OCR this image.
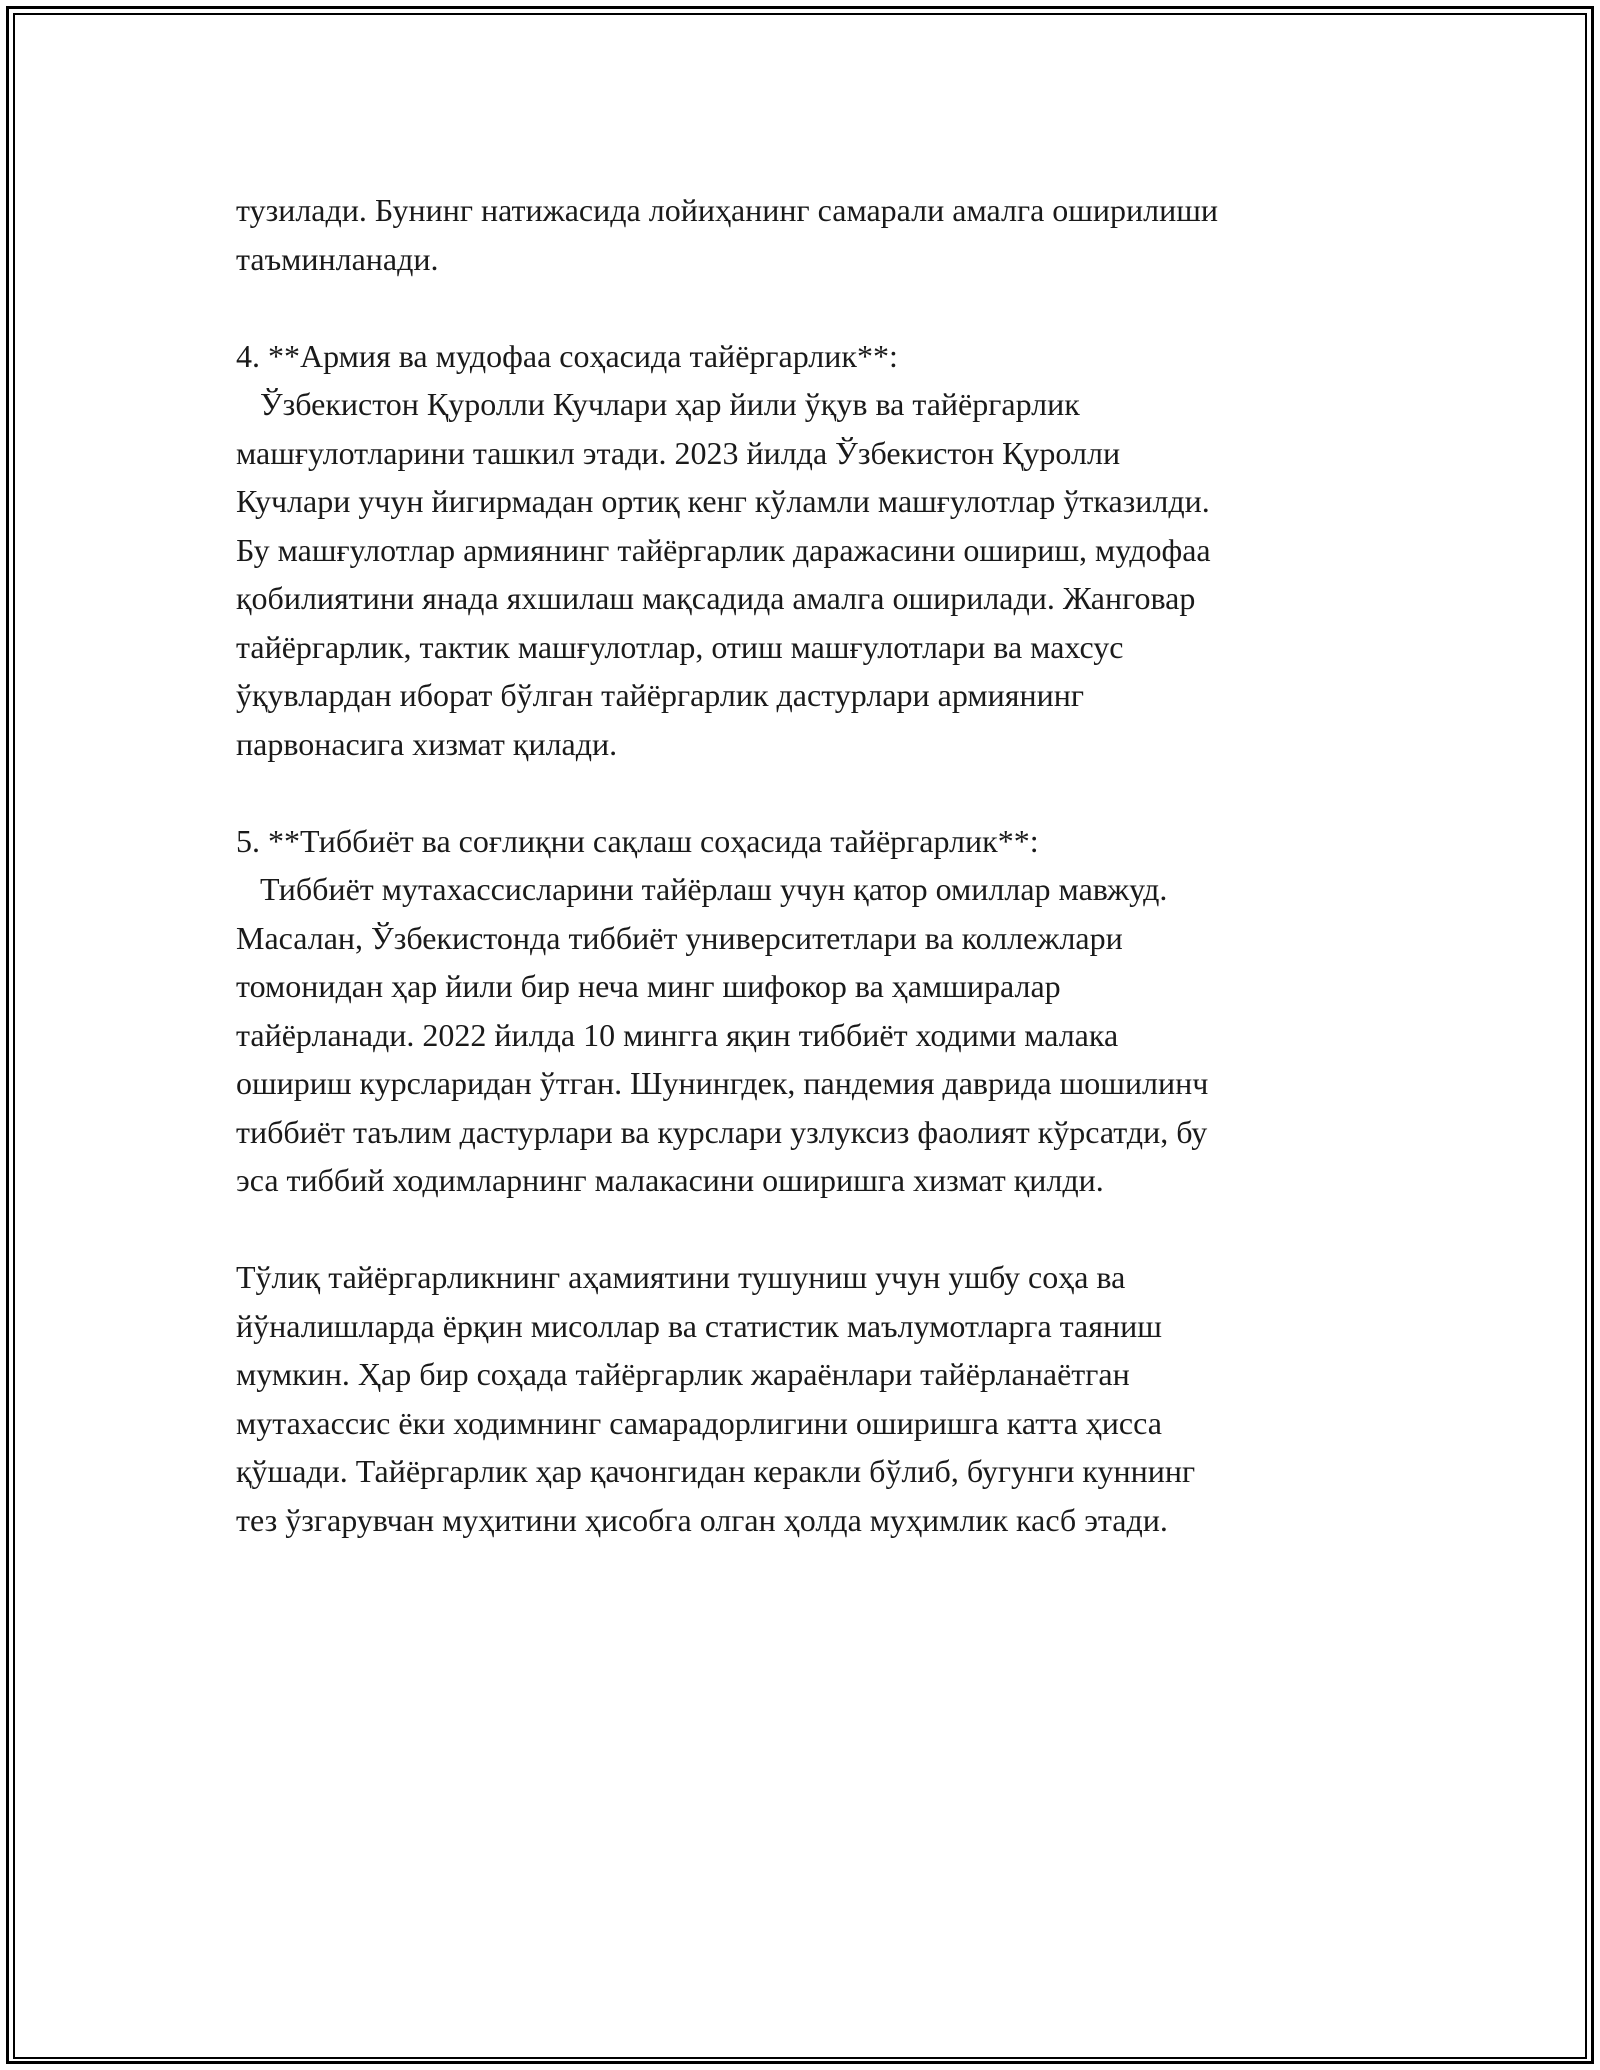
тузилади. Бунинг натижасида лойиҳанинг самарали амалга оширилиши
таъминланади.
4. **Армия ва мудофаа соҳасида тайёргарлик**:
Ўзбекистон Қуролли Кучлари ҳар йили ўқув ва тайёргарлик
машғулотларини ташкил этади. 2023 йилда Ўзбекистон Қуролли
Кучлари учун йигирмадан ортиқ кенг кўламли машғулотлар ўтказилди.
Бу машғулотлар армиянинг тайёргарлик даражасини ошириш, мудофаа
қобилиятини янада яхшилаш мақсадида амалга оширилади. Жанговар
тайёргарлик, тактик машғулотлар, отиш машғулотлари ва махсус
ўқувлардан иборат бўлган тайёргарлик дастурлари армиянинг
парвонасига хизмат қилади.
5. **Тиббиёт ва соғлиқни сақлаш соҳасида тайёргарлик**:
Тиббиёт мутахассисларини тайёрлаш учун қатор омиллар мавжуд.
Масалан, Ўзбекистонда тиббиёт университетлари ва коллежлари
томонидан ҳар йили бир неча минг шифокор ва ҳамширалар
тайёрланади. 2022 йилда 10 мингга яқин тиббиёт ходими малака
ошириш курсларидан ўтган. Шунингдек, пандемия даврида шошилинч
тиббиёт таълим дастурлари ва курслари узлуксиз фаолият кўрсатди, бу
эса тиббий ходимларнинг малакасини оширишга хизмат қилди.
Тўлиқ тайёргарликнинг аҳамиятини тушуниш учун ушбу соҳа ва
йўналишларда ёрқин мисоллар ва статистик маълумотларга таяниш
мумкин. Ҳар бир соҳада тайёргарлик жараёнлари тайёрланаётган
мутахассис ёки ходимнинг самарадорлигини оширишга катта ҳисса
қўшади. Тайёргарлик ҳар қачонгидан керакли бўлиб, бугунги куннинг
тез ўзгарувчан муҳитини ҳисобга олган ҳолда муҳимлик касб этади.
